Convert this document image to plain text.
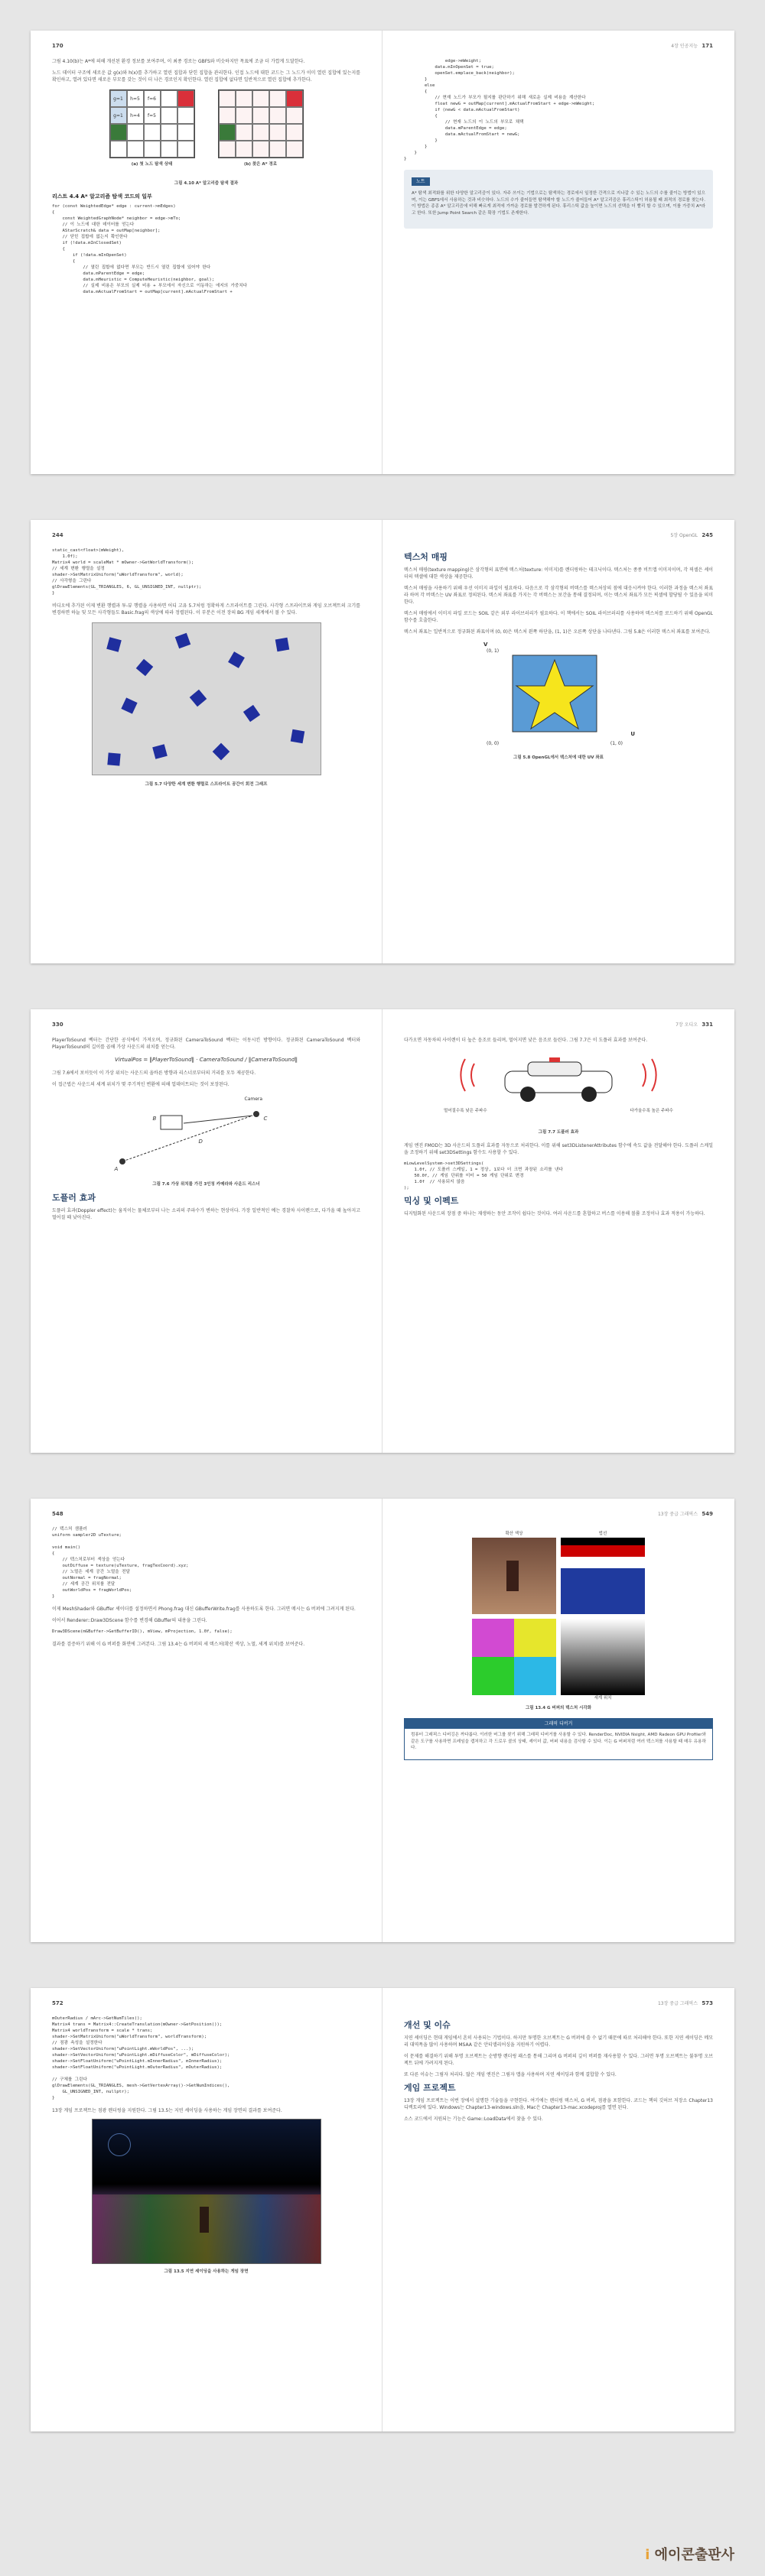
170

그림 4.10(b)는 A*에 의해 개선된 환경 정보를 보여주며, 이 최종 경로는 GBFS와 비슷하지만 목표에 조금 더 가깝게 도달한다.

노드 데이터 구조에 새로운 값 g(x)와 h(x)를 추가하고 열린 집합과 닫힌 집합을 관리한다. 인접 노드에 대한 코드는 그 노드가 이미 열린 집합에 있는지를 확인하고, 열려 있다면 새로운 부모를 갖는 것이 더 나은 경로인지 확인한다. 열린 집합에 없다면 일반적으로 열린 집합에 추가한다.

g=1 h=5 f=6
g=1 h=4 f=5
(a) 첫 노드 탐색 상태	(b) 찾은 A* 경로
그림 4.10 A* 알고리즘 탐색 결과
리스트 4.4 A* 알고리즘 탐색 코드의 일부
for (const WeightedEdge* edge : current->mEdges)
{
const WeightedGraphNode* neighbor = edge->mTo;
// 이 노드에 대한 데이터를 얻는다
AStarScratch& data = outMap[neighbor];
// 닫힌 집합에 없는지 확인한다
if (!data.mInClosedSet)
{
if (!data.mInOpenSet)
{
// 열린 집합에 없다면 부모는 반드시 열린 집합에 있어야 한다
data.mParentEdge = edge;
data.mHeuristic = ComputeHeuristic(neighbor, goal);
// 실제 비용은 부모의 실제 비용 + 부모에서 자신으로 이동하는 에지의 가중치다
data.mActualFromStart = outMap[current].mActualFromStart +
4장 인공지능 171
edge->mWeight;
data.mInOpenSet = true;
openSet.emplace_back(neighbor);
}
else
{
// 현재 노드가 부모가 될지를 판단하기 위해 새로운 실제 비용을 계산한다
float newG = outMap[current].mActualFromStart + edge->mWeight;
if (newG < data.mActualFromStart)
{
// 현재 노드의 이 노드의 부모로 채택
data.mParentEdge = edge;
data.mActualFromStart = newG;
}
}
}
}
노트

A* 탐색 최적화를 위한 다양한 알고리즘이 있다. 자주 쓰이는 기법으로는 탐색하는 경로에서 일정한 간격으로 지나갈 수 있는 노드의 수를 줄이는 방법이 있으며, 이는 GBFS에서 사용하는 것과 비슷하다. 노드의 수가 줄어들면 탐색해야 할 노드가 줄어들어 A* 알고리즘은 휴리스틱이 허용될 때 최적의 경로를 찾는다. 이 방법은 종종 A* 알고리즘에 비해 빠르게 최적에 가까운 경로를 발견하게 된다. 휴리스틱 값을 높이면 노드의 선택을 더 빨리 할 수 있으며, 이를 가중치 A*라고 한다. 또한 Jump Point Search 같은 확장 기법도 존재한다.

244
static_cast<float>(mWeight),
1.0f);
Matrix4 world = scaleMat * mOwner->GetWorldTransform();
// 세계 변환 행렬을 설정
shader->SetMatrixUniform("uWorldTransform", world);
// 사각형을 그린다
glDrawElements(GL_TRIANGLES, 6, GL_UNSIGNED_INT, nullptr);
}

비디오에 추가된 이제 변환 행렬과 투-뷰 행렬을 사용하면 어디 고유 5.7처럼 정확하게 스프라이트를 그린다. 사각형 스프라이트와 게임 오브젝트의 크기를 변경하면 하늘 및 모든 사각형들도 Basic.frag의 색상에 따라 정렬된다. 이 부분은 이전 장의 BG 게임 세계에서 볼 수 있다.

그림 5.7 다양한 세계 변환 행렬로 스프라이트 공간이 회전 그래프
5장 OpenGL 245
텍스처 매핑

텍스처 매핑(texture mapping)은 삼각형의 표면에 텍스처(texture: 이미지)를 렌더링하는 테크닉이다. 텍스처는 종종 비트맵 이미지이며, 각 픽셀은 셰이더의 텍셀에 대한 색상을 제공한다.

텍스처 매핑을 사용하기 위해 우선 이미지 파일이 필요하다. 다음으로 각 삼각형의 버텍스를 텍스처상의 점에 대응시켜야 한다. 이러한 과정을 텍스처 좌표라 하며 각 버텍스는 UV 좌표로 정의된다. 텍스처 좌표를 가지는 각 버텍스는 보간을 통해 결정되며, 이는 텍스처 좌표가 모든 픽셀에 할당될 수 있음을 의미한다.

텍스처 매핑에서 이미지 파일 로드는 SOIL 같은 외부 라이브러리가 필요하다. 이 책에서는 SOIL 라이브러리를 사용하며 텍스처를 로드하기 위해 OpenGL 함수를 호출한다.

텍스처 좌표는 일반적으로 정규화된 좌표이며 (0, 0)은 텍스처 왼쪽 하단을, (1, 1)은 오른쪽 상단을 나타낸다. 그림 5.8은 이러한 텍스처 좌표를 보여준다.

V
U
(0, 1)
(0, 0)	(1, 0)
그림 5.8 OpenGL에서 텍스처에 대한 UV 좌표
330

PlayerToSound 벡터는 간단한 공식에서 가져오며, 정규화된 CameraToSound 벡터는 이동시킨 방향이다. 정규화된 CameraToSound 벡터와 PlayerToSound의 길이를 곱해 가상 사운드의 위치를 얻는다.

VirtualPos = ‖PlayerToSound‖ · CameraToSound / ‖CameraToSound‖

그림 7.6에서 보이듯이 이 가상 위치는 사운드의 올바른 방향과 리스너로부터의 거리를 모두 제공한다.

이 접근법은 사운드의 세계 위치가 몇 주기적인 변환에 의해 업데이트되는 것이 보장된다.

Camera
B
A
C
D
그림 7.6 가상 위치를 가진 3인칭 카메라와 사운드 리스너
도플러 효과

도플러 효과(Doppler effect)는 움직이는 물체로부터 나는 소리의 주파수가 변하는 현상이다. 가장 일반적인 예는 경찰차 사이렌으로, 다가올 때 높아지고 멀어질 때 낮아진다.

7장 오디오 331

다가오면 자동차의 사이렌이 더 높은 음조로 들리며, 멀어지면 낮은 음조로 들린다. 그림 7.7은 이 도플러 효과를 보여준다.

멀어질수록 낮은 주파수	다가올수록 높은 주파수
그림 7.7 도플러 효과

게임 엔진 FMOD는 3D 사운드의 도플러 효과를 자동으로 처리한다. 이를 위해 set3DListenerAttributes 함수에 속도 값을 전달해야 한다. 도플러 스케일을 조정하기 위해 set3DSettings 함수도 사용할 수 있다.

mLowLevelSystem->set3DSettings(
1.0f, // 도플러 스케일, 1 = 정상, 1보다 더 크면 과장된 소리를 낸다
50.0f, // 게임 단위를 미터 = 50 게임 단위로 변경
1.0f  // 사용되지 않음
);
믹싱 및 이펙트

디지털화된 사운드의 장점 중 하나는 재생하는 동안 조작이 쉽다는 것이다. 여러 사운드를 혼합하고 버스를 이용해 볼륨 조정이나 효과 적용이 가능하다.

548
// 텍스처 샘플러
uniform sampler2D uTexture;

void main()
{
// 텍스처로부터 색상을 얻는다
outDiffuse = texture(uTexture, fragTexCoord).xyz;
// 노멀은 세계 공간 노멀을 전달
outNormal = fragNormal;
// 세계 공간 위치를 전달
outWorldPos = fragWorldPos;
}

이제 MeshShader와 GBuffer 셰이더를 설정하면서 Phong.frag 대신 GBufferWrite.frag를 사용하도록 한다. 그러면 메시는 G 버퍼에 그려지게 된다.

이어서 Renderer::Draw3DScene 함수를 변경해 GBuffer의 내용을 그린다.

Draw3DScene(mGBuffer->GetBufferID(), mView, mProjection, 1.0f, false);

결과를 검증하기 위해 이 G 버퍼를 화면에 그려본다. 그림 13.4는 G 버퍼의 세 텍스처(확산 색상, 노멀, 세계 위치)를 보여준다.

13장 중급 그래픽스 549
확산 색상	법선
세계 위치
그림 13.4 G 버퍼의 텍스처 시각화
그래픽 디버거

컴퓨터 그래픽스 디버깅은 까다롭다. 이러한 버그를 찾기 위해 그래픽 디버거를 사용할 수 있다. RenderDoc, NVIDIA Nsight, AMD Radeon GPU Profiler와 같은 도구를 사용하면 프레임을 캡처하고 각 드로우 콜의 상태, 셰이더 값, 버퍼 내용을 검사할 수 있다. 이는 G 버퍼처럼 여러 텍스처를 사용할 때 매우 유용하다.

572
mOuterRadius / mArc->GetNumTiles();
Matrix4 trans = Matrix4::CreateTranslation(mOwner->GetPosition());
Matrix4 worldTransform = scale * trans;
shader->SetMatrixUniform("uWorldTransform", worldTransform);
// 점광 속성을 설정한다
shader->SetVectorUniform("uPointLight.mWorldPos", ...);
shader->SetVectorUniform("uPointLight.mDiffuseColor", mDiffuseColor);
shader->SetFloatUniform("uPointLight.mInnerRadius", mInnerRadius);
shader->SetFloatUniform("uPointLight.mOuterRadius", mOuterRadius);

// 구체를 그린다
glDrawElements(GL_TRIANGLES, mesh->GetVertexArray()->GetNumIndices(),
GL_UNSIGNED_INT, nullptr);
}

13장 게임 프로젝트는 점광 렌더링을 지원한다. 그림 13.5는 지연 셰이딩을 사용하는 게임 장면의 결과를 보여준다.

그림 13.5 지연 셰이딩을 사용하는 게임 장면
13장 중급 그래픽스 573
개선 및 이슈

지연 셰이딩은 현대 게임에서 흔히 사용되는 기법이다. 하지만 투명한 오브젝트는 G 버퍼에 쓸 수 없기 때문에 따로 처리해야 한다. 또한 지연 셰이딩은 메모리 대역폭을 많이 사용하며 MSAA 같은 안티앨리어싱을 지원하기 어렵다.

이 문제를 해결하기 위해 투명 오브젝트는 순방향 렌더링 패스를 통해 그리며 G 버퍼의 깊이 버퍼를 재사용할 수 있다. 그러면 투명 오브젝트는 불투명 오브젝트 뒤에 가려지게 된다.

또 다른 이슈는 그림자 처리다. 많은 게임 엔진은 그림자 맵을 사용하며 지연 셰이딩과 함께 결합할 수 있다.

게임 프로젝트

13장 게임 프로젝트는 이번 장에서 설명한 기술들을 구현한다. 여기에는 렌더링 텍스처, G 버퍼, 점광을 포함한다. 코드는 책의 깃허브 저장소 Chapter13 디렉토리에 있다. Windows는 Chapter13-windows.sln을, Mac은 Chapter13-mac.xcodeproj를 열면 된다.

소스 코드에서 지원되는 기능은 Game::LoadData에서 찾을 수 있다.

i 에이콘출판사
